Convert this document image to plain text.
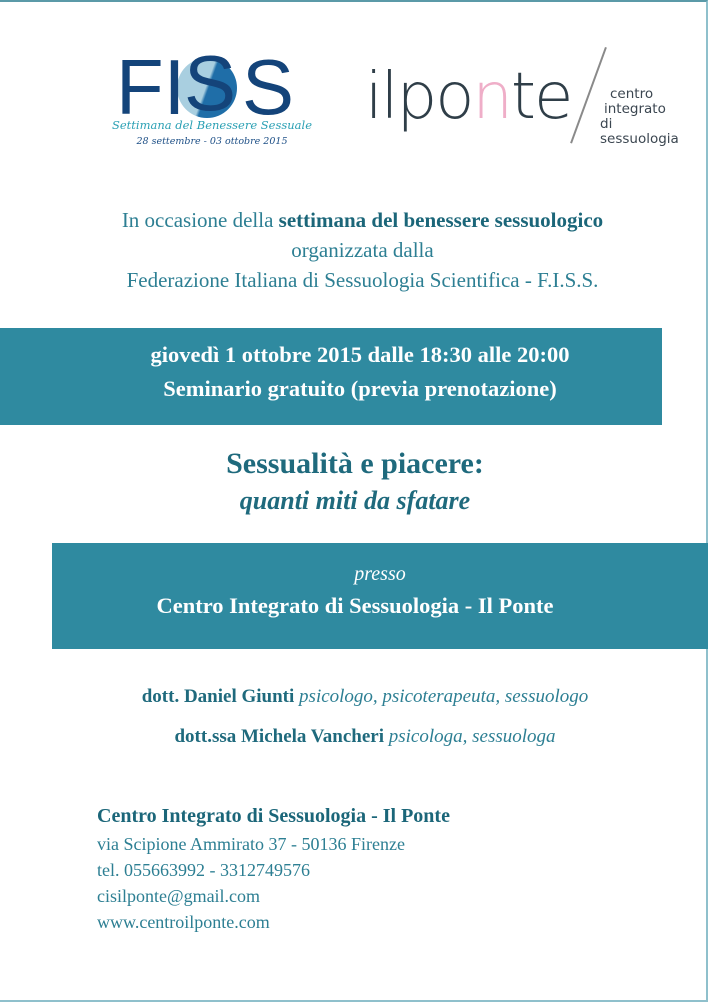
FI
S S
Settimana del Benessere Sessuale
28 settembre - 03 ottobre 2015
ilponte	centro
integrato
di sessuologia
In occasione della settimana del benessere sessuologico
organizzata dalla
Federazione Italiana di Sessuologia Scientifica - F.I.S.S.
giovedì 1 ottobre 2015 dalle 18:30 alle 20:00
Seminario gratuito (previa prenotazione)
Sessualità e piacere:
quanti miti da sfatare
presso
Centro Integrato di Sessuologia - Il Ponte
dott. Daniel Giunti psicologo, psicoterapeuta, sessuologo
dott.ssa Michela Vancheri psicologa, sessuologa
Centro Integrato di Sessuologia - Il Ponte
via Scipione Ammirato 37 - 50136 Firenze
tel. 055663992 - 3312749576
cisilponte@gmail.com
www.centroilponte.com
